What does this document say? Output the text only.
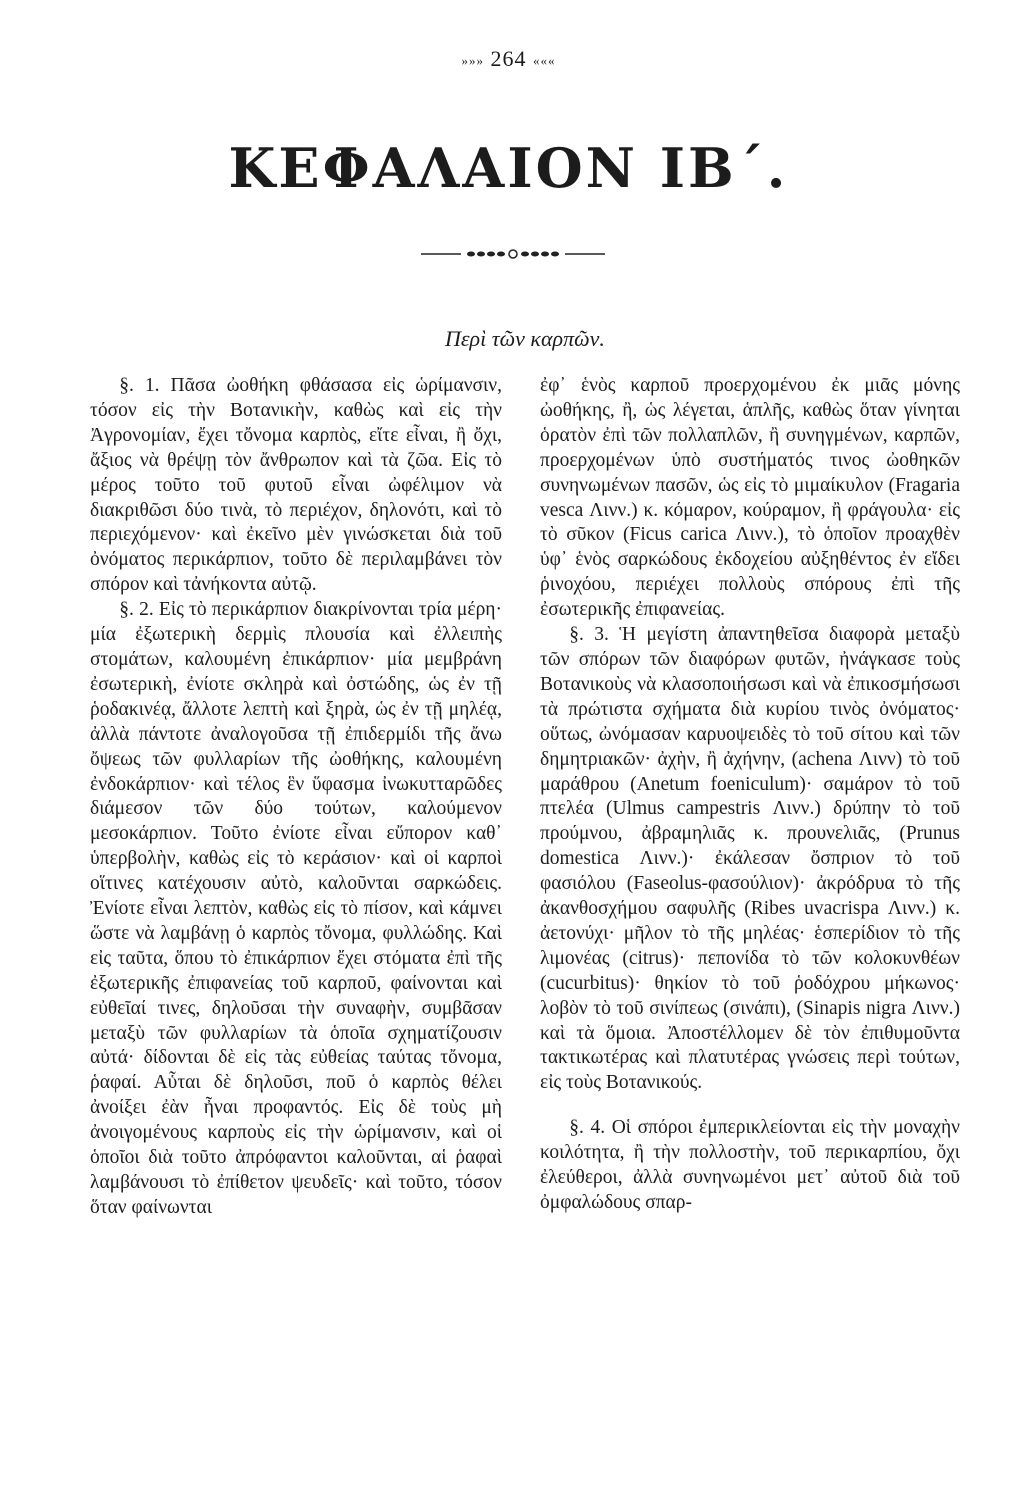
»»» 264 «««
ΚΕΦΑΛΑΙΟΝ ΙΒ΄.
Περὶ τῶν καρπῶν.

§. 1. Πᾶσα ὠοθήκη φθάσασα εἰς ὡρίμανσιν, τόσον εἰς τὴν Βοτανικὴν, καθὼς καὶ εἰς τὴν Ἀγρονομίαν, ἔχει τὄνομα καρπὸς, εἴτε εἶναι, ἢ ὄχι, ἄξιος νὰ θρέψῃ τὸν ἄνθρωπον καὶ τὰ ζῶα. Εἰς τὸ μέρος τοῦτο τοῦ φυτοῦ εἶναι ὠφέλιμον νὰ διακριθῶσι δύο τινὰ, τὸ περιέχον, δηλονότι, καὶ τὸ περιεχόμενον· καὶ ἐκεῖνο μὲν γινώσκεται διὰ τοῦ ὀνόματος περικάρπιον, τοῦτο δὲ περιλαμβάνει τὸν σπόρον καὶ τἀνήκοντα αὐτῷ.

§. 2. Εἰς τὸ περικάρπιον διακρίνονται τρία μέρη· μία ἐξωτερικὴ δερμὶς πλουσία καὶ ἐλλειπὴς στομάτων, καλουμένη ἐπικάρπιον· μία μεμβράνη ἐσωτερικὴ, ἐνίοτε σκληρὰ καὶ ὀστώδης, ὡς ἐν τῇ ῥοδακινέᾳ, ἄλλοτε λεπτὴ καὶ ξηρὰ, ὡς ἐν τῇ μηλέᾳ, ἀλλὰ πάντοτε ἀναλογοῦσα τῇ ἐπιδερμίδι τῆς ἄνω ὄψεως τῶν φυλλαρίων τῆς ὠοθήκης, καλουμένη ἐνδοκάρπιον· καὶ τέλος ἓν ὕφασμα ἰνωκυτταρῶδες διάμεσον τῶν δύο τούτων, καλούμενον μεσοκάρπιον. Τοῦτο ἐνίοτε εἶναι εὔπορον καθ᾽ ὑπερβολὴν, καθὼς εἰς τὸ κεράσιον· καὶ οἱ καρποὶ οἵτινες κατέχουσιν αὐτὸ, καλοῦνται σαρκώδεις. Ἐνίοτε εἶναι λεπτὸν, καθὼς εἰς τὸ πίσον, καὶ κάμνει ὥστε νὰ λαμβάνῃ ὁ καρπὸς τὄνομα, φυλλώδης. Καὶ εἰς ταῦτα, ὅπου τὸ ἐπικάρπιον ἔχει στόματα ἐπὶ τῆς ἐξωτερικῆς ἐπιφανείας τοῦ καρποῦ, φαίνονται καὶ εὐθεῖαί τινες, δηλοῦσαι τὴν συναφὴν, συμβᾶσαν μεταξὺ τῶν φυλλαρίων τὰ ὁποῖα σχηματίζουσιν αὐτά· δίδονται δὲ εἰς τὰς εὐθείας ταύτας τὄνομα, ῥαφαί. Αὗται δὲ δηλοῦσι, ποῦ ὁ καρπὸς θέλει ἀνοίξει ἐὰν ἦναι προφαντός. Εἰς δὲ τοὺς μὴ ἀνοιγομένους καρποὺς εἰς τὴν ὡρίμανσιν, καὶ οἱ ὁποῖοι διὰ τοῦτο ἀπρόφαντοι καλοῦνται, αἱ ῥαφαὶ λαμβάνουσι τὸ ἐπίθετον ψευδεῖς· καὶ τοῦτο, τόσον ὅταν φαίνωνται

ἐφ᾽ ἑνὸς καρποῦ προερχομένου ἐκ μιᾶς μόνης ὠοθήκης, ἢ, ὡς λέγεται, ἁπλῆς, καθὼς ὅταν γίνηται ὁρατὸν ἐπὶ τῶν πολλαπλῶν, ἢ συνηγμένων, καρπῶν, προερχομένων ὑπὸ συστήματός τινος ὠοθηκῶν συνηνωμένων πασῶν, ὡς εἰς τὸ μιμαίκυλον (Fragaria vesca Λινν.) κ. κόμαρον, κούραμον, ἢ φράγουλα· εἰς τὸ σῦκον (Ficus carica Λινν.), τὸ ὁποῖον προαχθὲν ὑφ᾽ ἑνὸς σαρκώδους ἐκδοχείου αὐξηθέντος ἐν εἴδει ῥινοχόου, περιέχει πολλοὺς σπόρους ἐπὶ τῆς ἐσωτερικῆς ἐπιφανείας.

§. 3. Ἡ μεγίστη ἀπαντηθεῖσα διαφορὰ μεταξὺ τῶν σπόρων τῶν διαφόρων φυτῶν, ἠνάγκασε τοὺς Βοτανικοὺς νὰ κλασοποιήσωσι καὶ νὰ ἐπικοσμήσωσι τὰ πρώτιστα σχήματα διὰ κυρίου τινὸς ὀνόματος· οὕτως, ὠνόμασαν καρυοψειδὲς τὸ τοῦ σίτου καὶ τῶν δημητριακῶν· ἀχὴν, ἢ ἀχήνην, (achena Λινν) τὸ τοῦ μαράθρου (Anetum foeniculum)· σαμάρον τὸ τοῦ πτελέα (Ulmus campestris Λινν.) δρύπην τὸ τοῦ προύμνου, ἀβραμηλιᾶς κ. προυνελιᾶς, (Prunus domestica Λινν.)· ἐκάλεσαν ὄσπριον τὸ τοῦ φασιόλου (Faseolus-φασούλιον)· ἀκρόδρυα τὸ τῆς ἀκανθοσχήμου σαφυλῆς (Ribes uvacrispa Λινν.) κ. ἀετονύχι· μῆλον τὸ τῆς μηλέας· ἑσπερίδιον τὸ τῆς λιμονέας (citrus)· πεπονίδα τὸ τῶν κολοκυνθέων (cucurbitus)· θηκίον τὸ τοῦ ῥοδόχρου μήκωνος· λοβὸν τὸ τοῦ σινίπεως (σινάπι), (Sinapis nigra Λινν.) καὶ τὰ ὅμοια. Ἀποστέλλομεν δὲ τὸν ἐπιθυμοῦντα τακτικωτέρας καὶ πλατυτέρας γνώσεις περὶ τούτων, εἰς τοὺς Βοτανικούς.

§. 4. Οἱ σπόροι ἐμπερικλείονται εἰς τὴν μοναχὴν κοιλότητα, ἢ τὴν πολλοστὴν, τοῦ περικαρπίου, ὄχι ἐλεύθεροι, ἀλλὰ συνηνωμένοι μετ᾽ αὐτοῦ διὰ τοῦ ὀμφαλώδους σπαρ-
